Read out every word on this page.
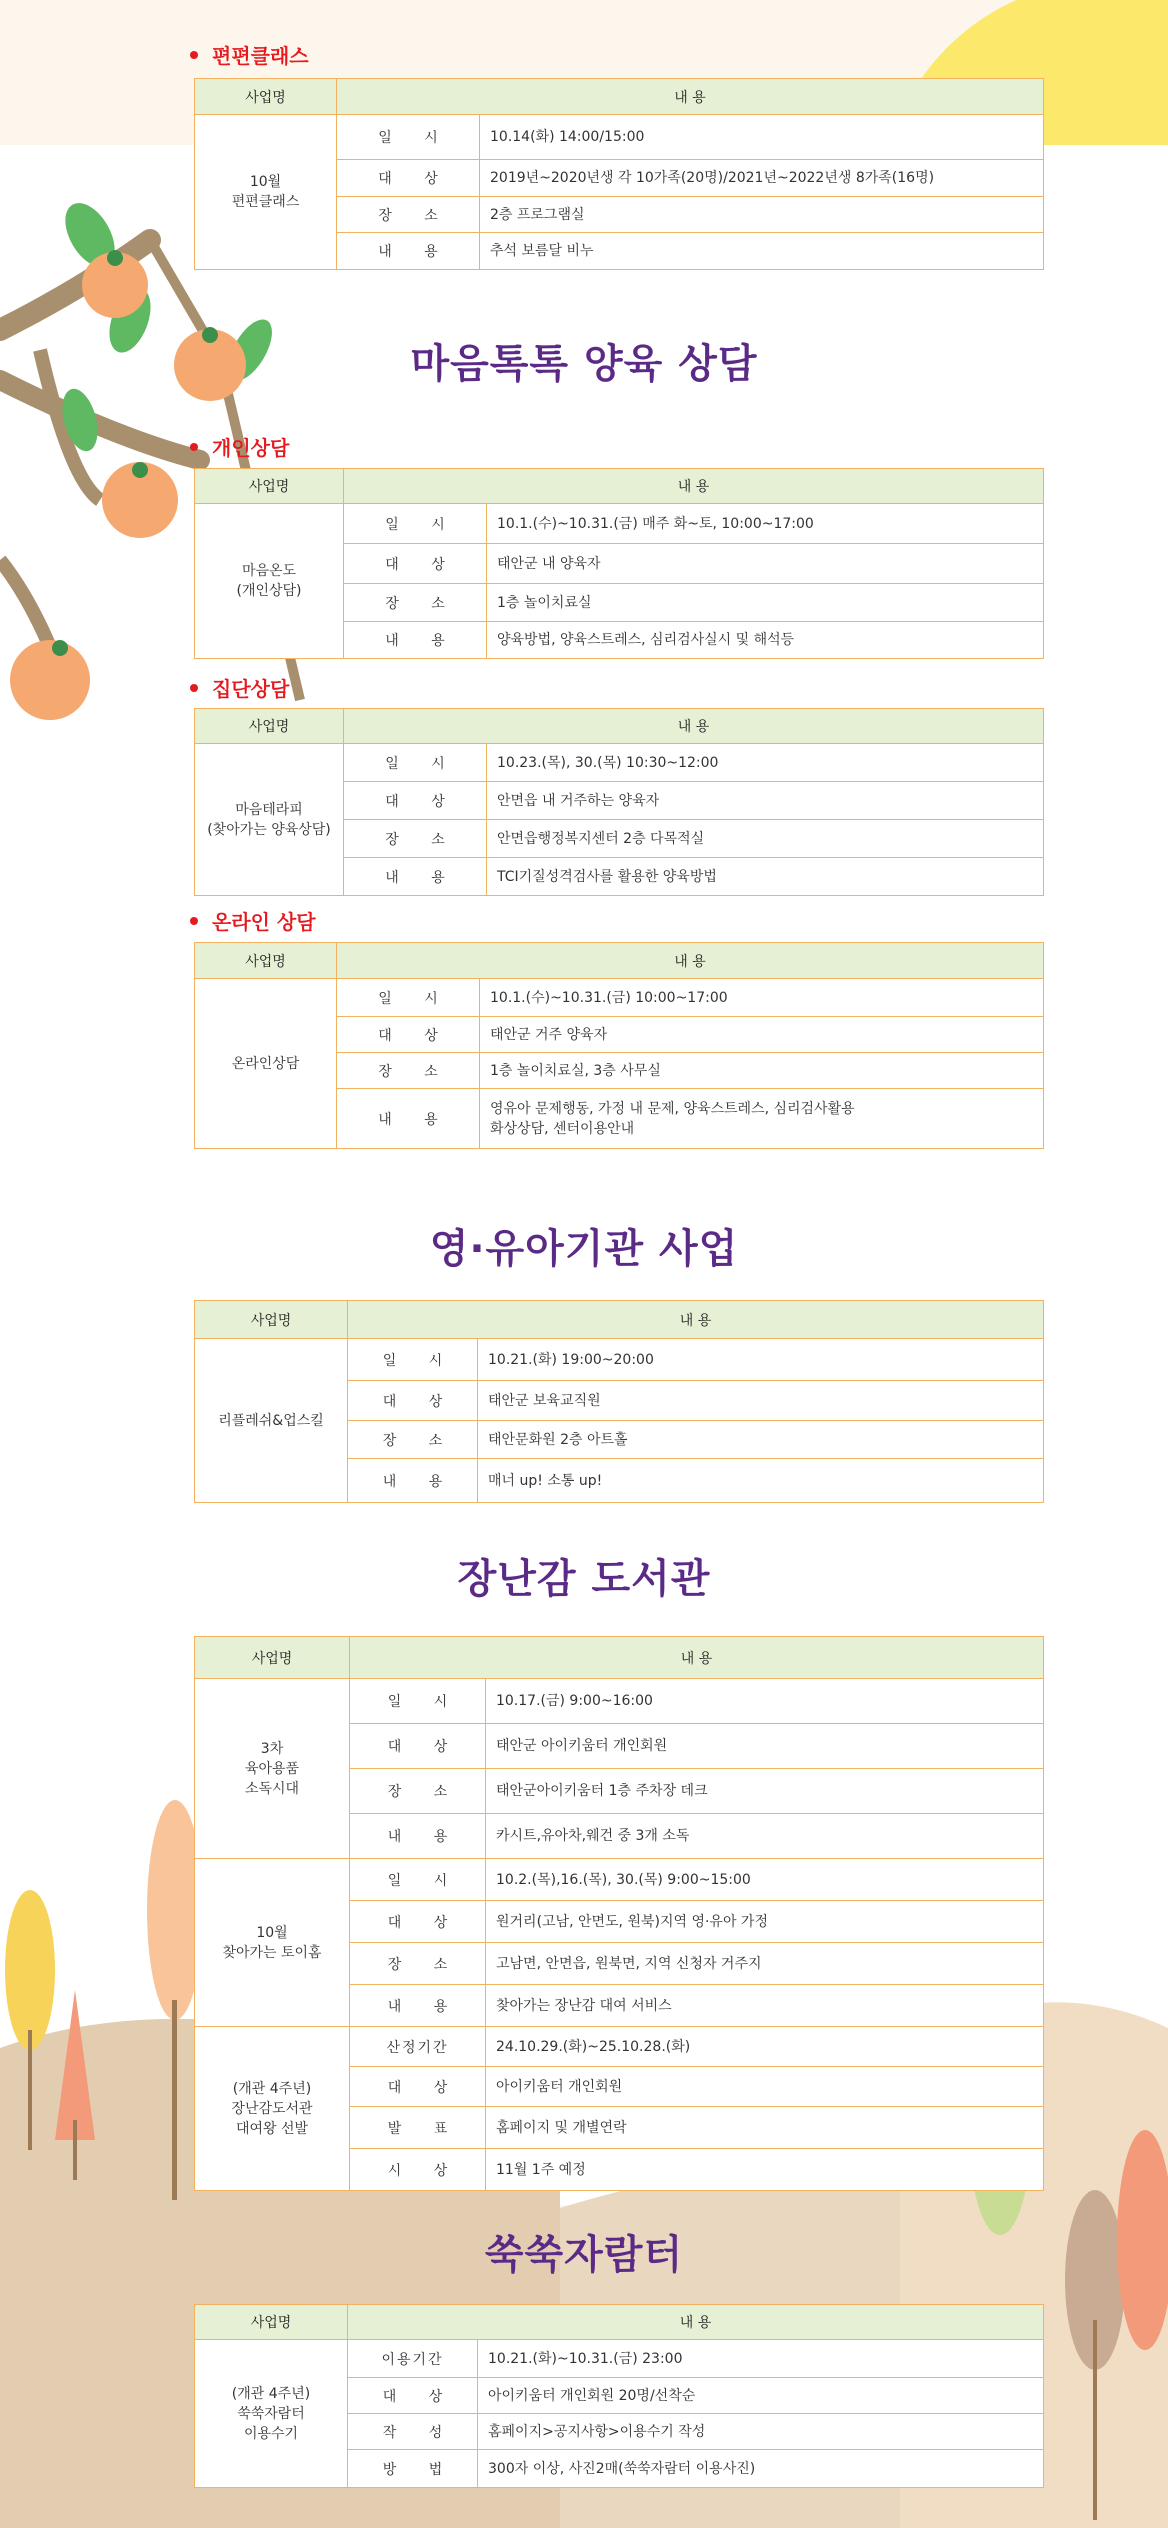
편편클래스
사업명	내 용	
10월
편편클래스	일 시	10.14(화) 14:00/15:00
	대 상	2019년~2020년생 각 10가족(20명)/2021년~2022년생 8가족(16명)
	장 소	2층 프로그램실
	내 용	추석 보름달 비누
마음톡톡 양육 상담
개인상담
사업명	내 용	
마음온도
(개인상담)	일 시	10.1.(수)~10.31.(금) 매주 화~토, 10:00~17:00
	대 상	태안군 내 양육자
	장 소	1층 놀이치료실
	내 용	양육방법, 양육스트레스, 심리검사실시 및 해석등
집단상담
사업명	내 용	
마음테라피
(찾아가는 양육상담)	일 시	10.23.(목), 30.(목) 10:30~12:00
	대 상	안면읍 내 거주하는 양육자
	장 소	안면읍행정복지센터 2층 다목적실
	내 용	TCI기질성격검사를 활용한 양육방법
온라인 상담
사업명	내 용	
온라인상담	일 시	10.1.(수)~10.31.(금) 10:00~17:00
	대 상	태안군 거주 양육자
	장 소	1층 놀이치료실, 3층 사무실
	내 용	영유아 문제행동, 가정 내 문제, 양육스트레스, 심리검사활용
화상상담, 센터이용안내
영·유아기관 사업
사업명	내 용	
리플레쉬&업스킬	일 시	10.21.(화) 19:00~20:00
	대 상	태안군 보육교직원
	장 소	태안문화원 2층 아트홀
	내 용	매너 up! 소통 up!
장난감 도서관
사업명	내 용	
3차
육아용품
소독시대	일 시	10.17.(금) 9:00~16:00
	대 상	태안군 아이키움터 개인회원
	장 소	태안군아이키움터 1층 주차장 데크
	내 용	카시트,유아차,웨건 중 3개 소독
10월
찾아가는 토이홈	일 시	10.2.(목),16.(목), 30.(목) 9:00~15:00
	대 상	원거리(고남, 안면도, 원북)지역 영·유아 가정
	장 소	고남면, 안면읍, 원북면, 지역 신청자 거주지
	내 용	찾아가는 장난감 대여 서비스
(개관 4주년)
장난감도서관
대여왕 선발	산정기간	24.10.29.(화)~25.10.28.(화)
	대 상	아이키움터 개인회원
	발 표	홈페이지 및 개별연락
	시 상	11월 1주 예정
쑥쑥자람터
사업명	내 용	
(개관 4주년)
쑥쑥자람터
이용수기	이용기간	10.21.(화)~10.31.(금) 23:00
	대 상	아이키움터 개인회원 20명/선착순
	작 성	홈페이지>공지사항>이용수기 작성
	방 법	300자 이상, 사진2매(쑥쑥자람터 이용사진)
